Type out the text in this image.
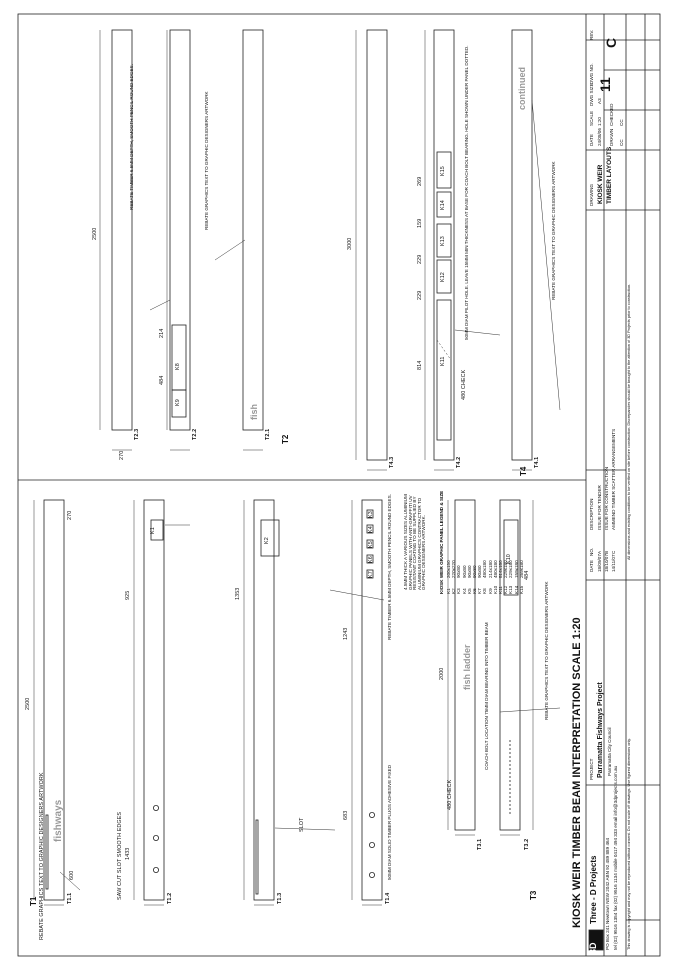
REBATE GRAPHICS TEXT TO GRAPHIC DESIGNERS ARTWORK fishways	SAW CUT SLOT SMOOTH EDGES
2500
600
270
925
1433
K1
1353
K2
SLOT
1243
683
K3
K4
K5
K6
K7	REBATE TIMBER 6.5MM DEPTH, SMOOTH PENCIL ROUND EDGES.
50MM DIAM SOLID TIMBER PLUGS ADHESIVE FIXED
T1	T1.1	T1.2	T1.3	T1.4	T3
T3.1	T3.2
fish ladder
K10
2000
484
480 CHECK
COACH BOLT LOCATION 75MM DIAM BEARING INTO TIMBER BEAM	REBATE GRAPHICS TEXT TO GRAPHIC DESIGNERS ARTWORK
4.5MM THICK A VARIOUS SIZES ALUMINIUM GRAPHIC PANELS WITH ANTI-GRAFFITI UV RESISTANT COATING TO BE SUPPLIED BY ALUMINIUM GRAPHICS CONTRACTOR TO GRAPHIC DESIGNERS ARTWORK.	KIOSK WEIR GRAPHIC PANEL LEGEND & SIZE K1
200x150
K2
220x220
K3
90x80
K4
90x80
K5
90x80
K6
90x80
K7
90x80
K8
480x180
K9
214x180
K10
480x180
K11
814x180
K12
229x180
K13
229x180
K14
159x180
K15
269x180
T2
T2.1
T2.2
T2.3
fish
2500
270
484
214
K8
K9
REBATE TIMBER 6.5MM DEPTH, SMOOTH PENCIL ROUND EDGES.	REBATE GRAPHICS TEXT TO GRAPHIC DESIGNERS ARTWORK
T4
T4.1
T4.2
T4.3
continued
3000
814	K11
K12
K13
K14
K15
229
229
159
269
480 CHECK
50MM DIAM PILOT HOLE. LEAVE 15MM MIN THICKNESS AT BASE FOR COACH BOLT BEARING. HOLE SHOWN UNDER PANEL DOTTED.	REBATE GRAPHICS TEXT TO GRAPHIC DESIGNERS ARTWORK
KIOSK WEIR TIMBER BEAM INTERPRETATION SCALE 1:20
3D
Three - D Projects PO Box 241 Newtown NSW 2042 ABN 92 489 889 464 tel (02) 9516 1354 fax (02) 9516 1134 mobile 0417 494 333 email info@3dprojects.com.au This drawing is copyright and may not be reproduced without consent. Do not scale off drawings. Use figured dimensions only.
All dimensions and existing conditions to be verified on site before construction. Discrepancies should be brought to the attention of 3D Projects prior to construction.
PROJECT Parramatta Fishways Project Parramatta City Council
DATE
NO.
DESCRIPTION
18/09/07
A
ISSUE FOR TENDER
18/10/07
B
ISSUE FOR CONSTRUCTION
14/11/07
C
AMMEND TIMBER SCATTER ARRANGEMENTS
DRAWING KIOSK WEIR TIMBER LAYOUTS
DATE 24/08/06
SCALE 1:20
DWG SIZE A3
DWG NO.
11
REV.
C
DRAWN CC
CHECKED CC
